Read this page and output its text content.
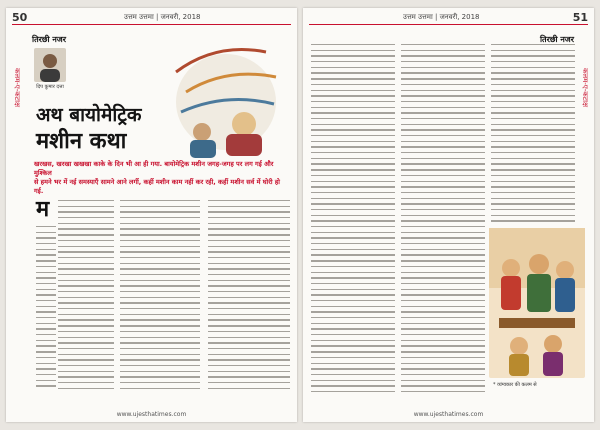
50	उत्तम उत्तमा | जनवरी, 2018
तिरछी नजर
कलम-ए-कटाक्ष	दिप कुमार दत्ता
अथ बायोमेट्रिक
मशीन कथा
खरखस, खरखा खखखा काके के दिन भी आ ही गया. बायोमेट्रिक मशीन जगह-जगह पर लग गई और मुश्किल
से हमने भर में नई समस्याएँ सामने आने लगीं, कहीं मशीन काम नहीं कर रही, कहीं मशीन सर्व में घोरी हो गई.
म
www.ujesthatimes.com
उत्तम उत्तमा | जनवरी, 2018	51
तिरछी नजर
कलम-ए-कटाक्ष
* व्यंग्यकार की कलम से
www.ujesthatimes.com
